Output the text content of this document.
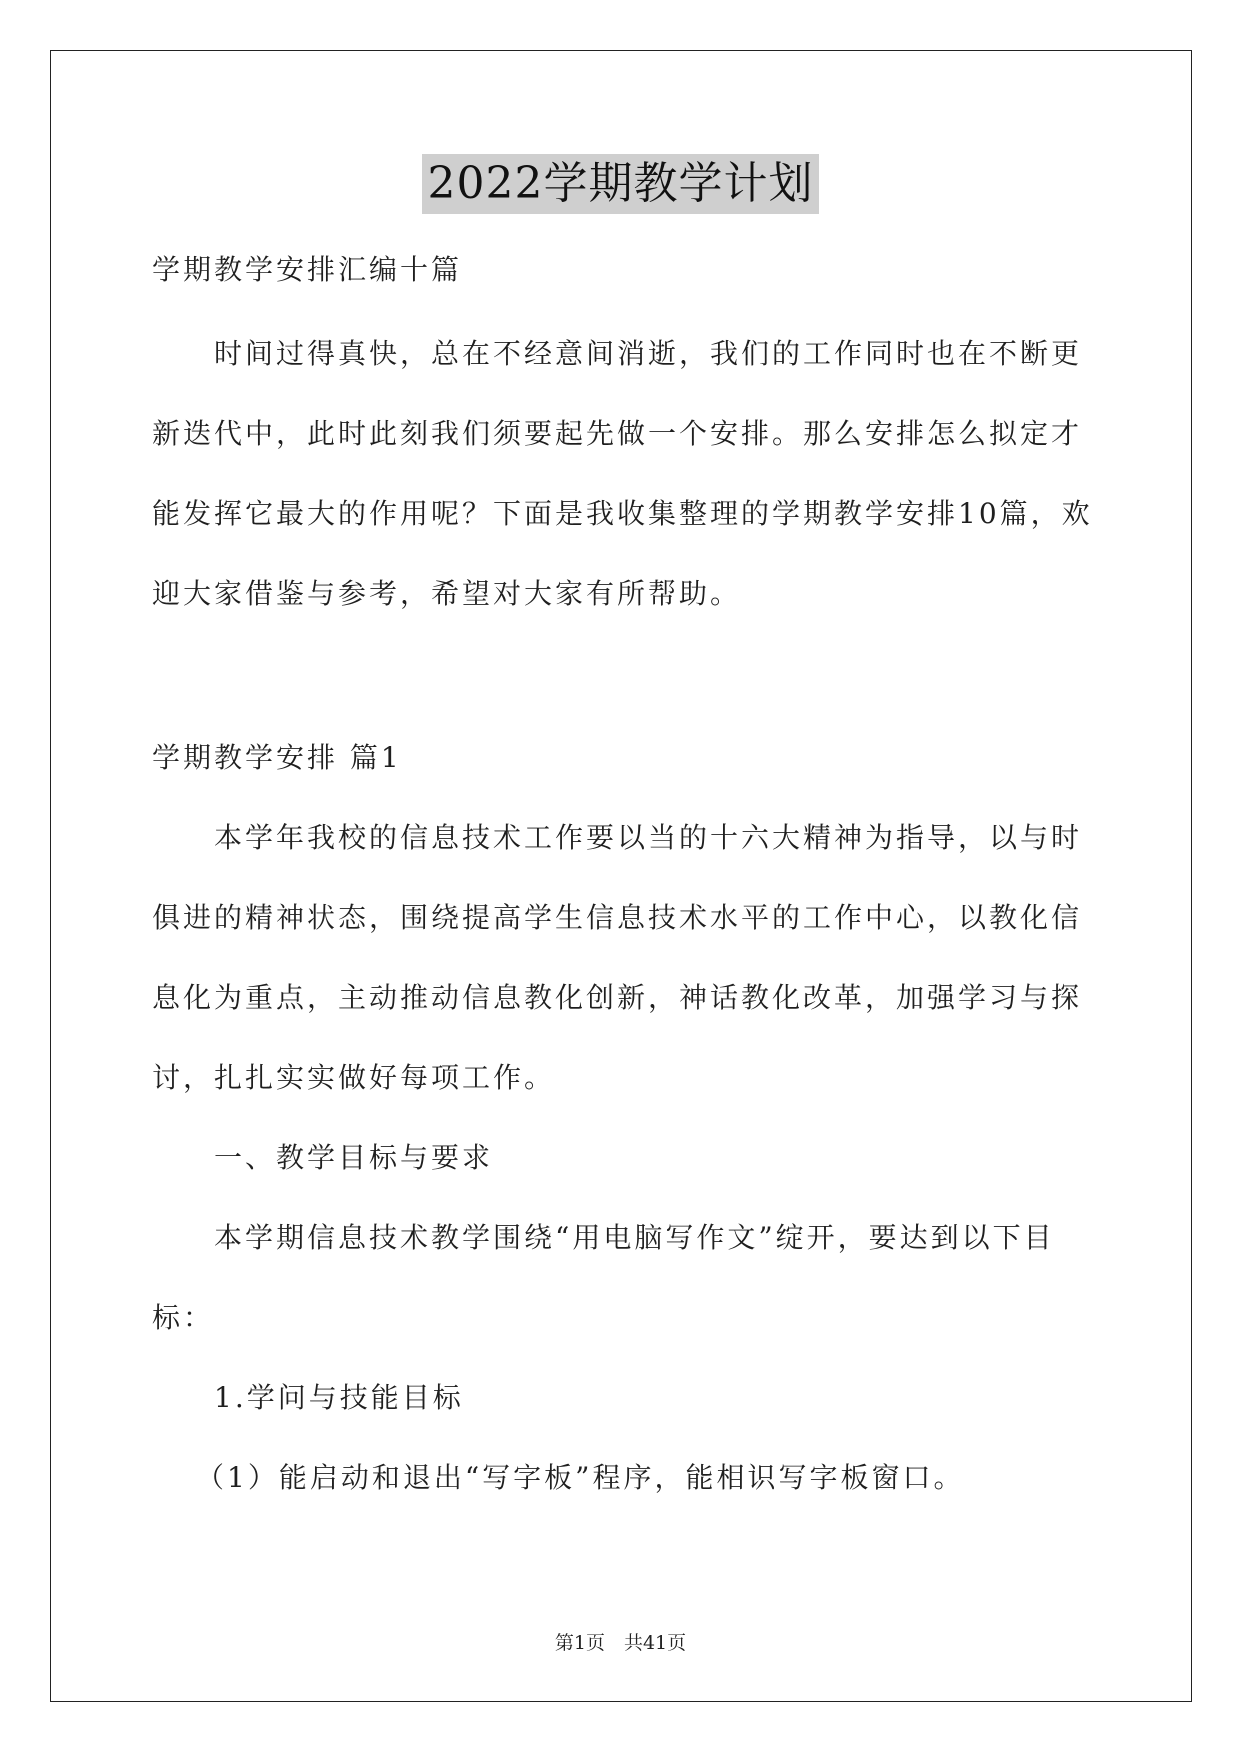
2022学期教学计划
学期教学安排汇编十篇
时间过得真快，总在不经意间消逝，我们的工作同时也在不断更
新迭代中，此时此刻我们须要起先做一个安排。那么安排怎么拟定才
能发挥它最大的作用呢？下面是我收集整理的学期教学安排10篇，欢
迎大家借鉴与参考，希望对大家有所帮助。
学期教学安排 篇1
本学年我校的信息技术工作要以当的十六大精神为指导，以与时
俱进的精神状态，围绕提高学生信息技术水平的工作中心，以教化信
息化为重点，主动推动信息教化创新，神话教化改革，加强学习与探
讨，扎扎实实做好每项工作。
一、教学目标与要求
本学期信息技术教学围绕“用电脑写作文”绽开，要达到以下目
标：
1.学问与技能目标
（1）能启动和退出“写字板”程序，能相识写字板窗口。
第1页　共41页
